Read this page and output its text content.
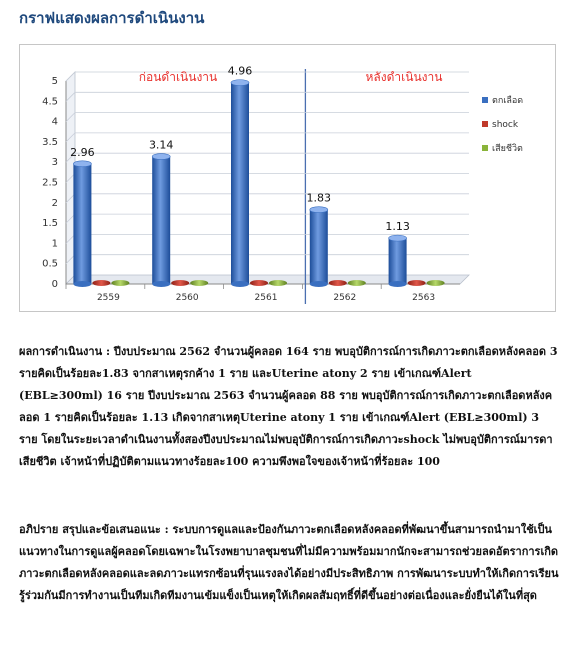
กราฟแสดงผลการดำเนินงาน
0
0.5
1
1.5
2
2.5
3
3.5
4
4.5
5
2559	2560	2561	2562	2563
2.96
3.14
4.96
1.83
1.13
ก่อนดำเนินงาน	หลังดำเนินงาน
ตกเลือด
shock
เสียชีวิต
ผลการดำเนินงาน : ปีงบประมาณ 2562 จำนวนผู้คลอด 164 ราย พบอุบัติการณ์การเกิดภาวะตกเลือดหลังคลอด 3 รายคิดเป็นร้อยละ1.83 จากสาเหตุรกค้าง 1 ราย และUterine atony 2 ราย เข้าเกณฑ์Alert (EBL≥300ml) 16 ราย ปีงบประมาณ 2563 จำนวนผู้คลอด 88 ราย พบอุบัติการณ์การเกิดภาวะตกเลือดหลังคลอด 1 รายคิดเป็นร้อยละ 1.13 เกิดจากสาเหตุUterine atony 1 ราย เข้าเกณฑ์Alert (EBL≥300ml) 3 ราย โดยในระยะเวลาดำเนินงานทั้งสองปีงบประมาณไม่พบอุบัติการณ์การเกิดภาวะshock ไม่พบอุบัติการณ์มารดาเสียชีวิต เจ้าหน้าที่ปฏิบัติตามแนวทางร้อยละ100 ความพึงพอใจของเจ้าหน้าที่ร้อยละ 100
อภิปราย สรุปและข้อเสนอแนะ : ระบบการดูแลและป้องกันภาวะตกเลือดหลังคลอดที่พัฒนาขึ้นสามารถนำมาใช้เป็นแนวทางในการดูแลผู้คลอดโดยเฉพาะในโรงพยาบาลชุมชนที่ไม่มีความพร้อมมากนักจะสามารถช่วยลดอัตราการเกิดภาวะตกเลือดหลังคลอดและลดภาวะแทรกซ้อนที่รุนแรงลงได้อย่างมีประสิทธิภาพ การพัฒนาระบบทำให้เกิดการเรียนรู้ร่วมกันมีการทำงานเป็นทีมเกิดทีมงานเข้มแข็งเป็นเหตุให้เกิดผลสัมฤทธิ์ที่ดีขึ้นอย่างต่อเนื่องและยั่งยืนได้ในที่สุด
